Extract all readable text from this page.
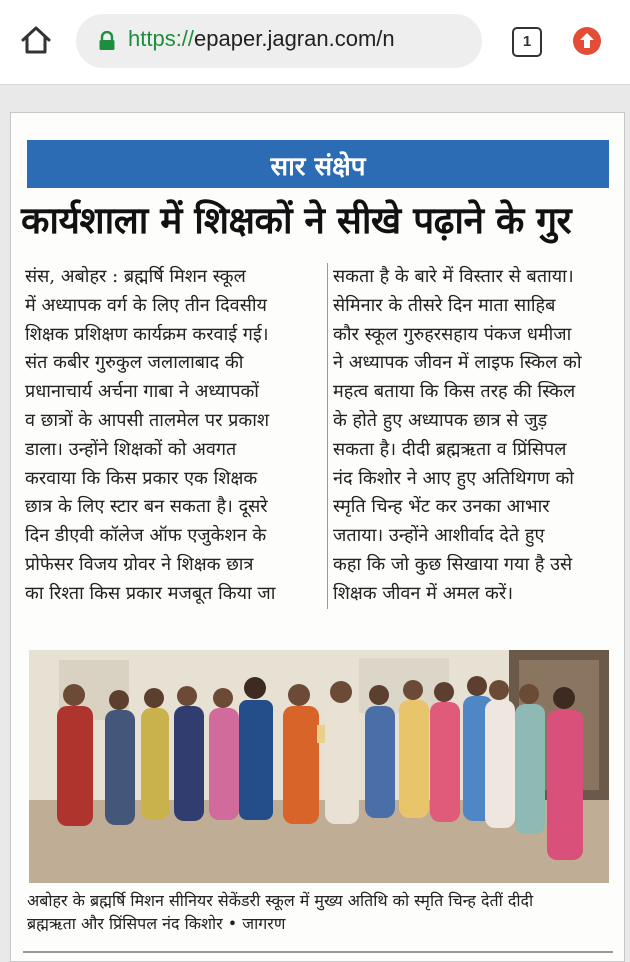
https://epaper.jagran.com/n	1
सार संक्षेप
कार्यशाला में शिक्षकों ने सीखे पढ़ाने के गुर
संस, अबोहर : ब्रह्मर्षि मिशन स्कूल
में अध्यापक वर्ग के लिए तीन दिवसीय
शिक्षक प्रशिक्षण कार्यक्रम करवाई गई।
संत कबीर गुरुकुल जलालाबाद की
प्रधानाचार्य अर्चना गाबा ने अध्यापकों
व छात्रों के आपसी तालमेल पर प्रकाश
डाला। उन्होंने शिक्षकों को अवगत
करवाया कि किस प्रकार एक शिक्षक
छात्र के लिए स्टार बन सकता है। दूसरे
दिन डीएवी कॉलेज ऑफ एजुकेशन के
प्रोफेसर विजय ग्रोवर ने शिक्षक छात्र
का रिश्ता किस प्रकार मजबूत किया जा
सकता है के बारे में विस्तार से बताया।
सेमिनार के तीसरे दिन माता साहिब
कौर स्कूल गुरुहरसहाय पंकज धमीजा
ने अध्यापक जीवन में लाइफ स्किल को
महत्व बताया कि किस तरह की स्किल
के होते हुए अध्यापक छात्र से जुड़
सकता है। दीदी ब्रह्मऋता व प्रिंसिपल
नंद किशोर ने आए हुए अतिथिगण को
स्मृति चिन्ह भेंट कर उनका आभार
जताया। उन्होंने आशीर्वाद देते हुए
कहा कि जो कुछ सिखाया गया है उसे
शिक्षक जीवन में अमल करें।
अबोहर के ब्रह्मर्षि मिशन सीनियर सेकेंडरी स्कूल में मुख्य अतिथि को स्मृति चिन्ह देतीं दीदी
ब्रह्मऋता और प्रिंसिपल नंद किशोर • जागरण
